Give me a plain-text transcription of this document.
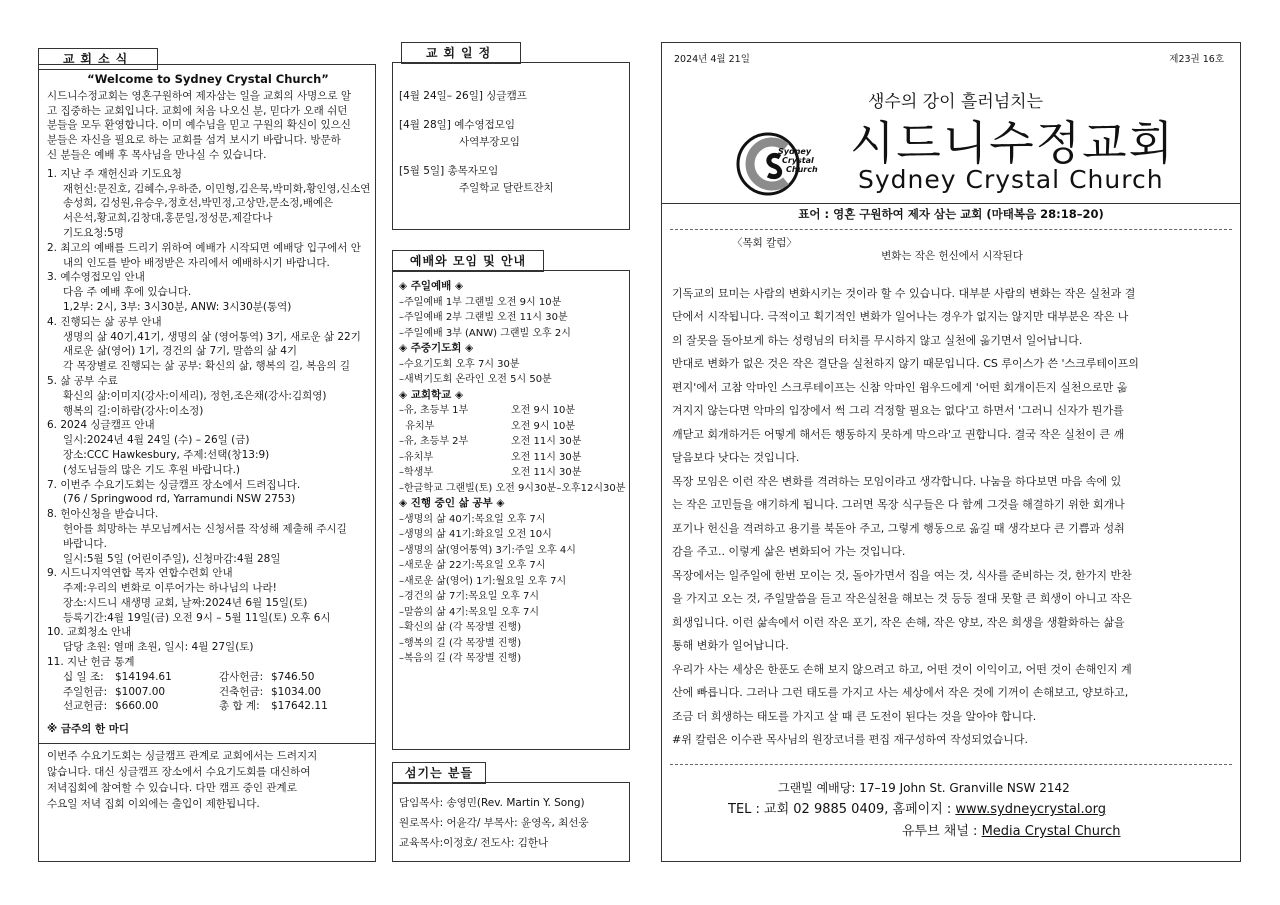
교회소식
“Welcome to Sydney Crystal Church”
시드니수정교회는 영혼구원하여 제자삼는 일을 교회의 사명으로 알
고 집중하는 교회입니다. 교회에 처음 나오신 분, 믿다가 오래 쉬던
분들을 모두 환영합니다. 이미 예수님을 믿고 구원의 확신이 있으신
분들은 자신을 필요로 하는 교회를 섬겨 보시기 바랍니다. 방문하
신 분들은 예배 후 목사님을 만나실 수 있습니다.
1. 지난 주 재헌신과 기도요청
재헌신:문진호, 김혜수,우하준, 이민형,김은묵,박미화,황인영,신소연
송성희, 김성원,유승우,정호선,박민정,고상만,문소정,배예은
서은석,황교희,김창대,홍문일,정성문,제갈다나
기도요청:5명
2. 최고의 예배를 드리기 위하여 예배가 시작되면 예배당 입구에서 안
내의 인도를 받아 배정받은 자리에서 예배하시기 바랍니다.
3. 예수영접모임 안내
다음 주 예배 후에 있습니다.
1,2부: 2시, 3부: 3시30분, ANW: 3시30분(통역)
4. 진행되는 삶 공부 안내
생명의 삶 40기,41기, 생명의 삶 (영어통역) 3기, 새로운 삶 22기
새로운 삶(영어) 1기, 경건의 삶 7기, 말씀의 삶 4기
각 목장별로 진행되는 삶 공부: 확신의 삶, 행복의 길, 복음의 길
5. 삶 공부 수료
확신의 삶:이미지(강사:이세리), 정헌,조은채(강사:김희영)
행복의 길:이하람(강사:이소정)
6. 2024 싱글캠프 안내
일시:2024년 4월 24일 (수) – 26일 (금)
장소:CCC Hawkesbury, 주제:선택(창13:9)
(성도님들의 많은 기도 후원 바랍니다.)
7. 이번주 수요기도회는 싱글캠프 장소에서 드려집니다.
(76 / Springwood rd, Yarramundi NSW 2753)
8. 헌아신청을 받습니다.
헌아를 희망하는 부모님께서는 신청서를 작성해 제출해 주시길
바랍니다.
일시:5월 5일 (어린이주일), 신청마감:4월 28일
9. 시드니지역연합 목자 연합수련회 안내
주제:우리의 변화로 이루어가는 하나님의 나라!
장소:시드니 새생명 교회, 날짜:2024년 6월 15일(토)
등록기간:4월 19일(금) 오전 9시 – 5월 11일(토) 오후 6시
10. 교회청소 안내
담당 초원: 열매 초원, 일시: 4월 27일(토)
11. 지난 헌금 통계
십 일 조:	$14194.61	감사헌금: $746.50
주일헌금: $1007.00	건축헌금: $1034.00
선교헌금: $660.00	총 합 계:	$17642.11
※ 금주의 한 마디
이번주 수요기도회는 싱글캠프 관계로 교회에서는 드려지지
않습니다. 대신 싱글캠프 장소에서 수요기도회를 대신하여
저녁집회에 참여할 수 있습니다. 다만 캠프 중인 관계로
수요일 저녁 집회 이외에는 출입이 제한됩니다.
교회일정
[4월 24일– 26일] 싱글캠프
[4월 28일] 예수영접모임
사역부장모임
[5월 5일] 총목자모임
주일학교 달란트잔치
예배와 모임 및 안내
◈ 주일예배 ◈
–주일예배 1부 그랜빌 오전 9시 10분
–주일예배 2부 그랜빌 오전 11시 30분
–주일예배 3부 (ANW) 그랜빌 오후 2시
◈ 주중기도회 ◈
–수요기도회 오후 7시 30분
–새벽기도회 온라인 오전 5시 50분
◈ 교회학교 ◈
–유, 초등부 1부	오전 9시 10분
유치부	오전 9시 10분
–유, 초등부 2부	오전 11시 30분
–유치부	오전 11시 30분
–학생부	오전 11시 30분
–한글학교 그랜빌(토) 오전 9시30분–오후12시30분
◈ 진행 중인 삶 공부 ◈
–생명의 삶 40기:목요일 오후 7시
–생명의 삶 41기:화요일 오전 10시
–생명의 삶(영어통역) 3기:주일 오후 4시
–새로운 삶 22기:목요일 오후 7시
–새로운 삶(영어) 1기:월요일 오후 7시
–경건의 삶 7기:목요일 오후 7시
–말씀의 삶 4기:목요일 오후 7시
–확신의 삶 (각 목장별 진행)
–행복의 길 (각 목장별 진행)
–복음의 길 (각 목장별 진행)
섬기는 분들
담임목사: 송영민(Rev. Martin Y. Song)
원로목사: 어윤각/ 부목사: 윤영옥, 최선웅
교육목사:이정호/ 전도사: 김한나
2024년 4월 21일	제23권 16호
생수의 강이 흘러넘치는
Sydney
Crystal
Church 시드니수정교회
Sydney Crystal Church
표어 : 영혼 구원하여 제자 삼는 교회 (마태복음 28:18–20)
〈목회 칼럼〉
변화는 작은 헌신에서 시작된다
기독교의 묘미는 사람의 변화시키는 것이라 할 수 있습니다. 대부분 사람의 변화는 작은 실천과 결
단에서 시작됩니다. 극적이고 획기적인 변화가 일어나는 경우가 없지는 않지만 대부분은 작은 나
의 잘못을 돌아보게 하는 성령님의 터치를 무시하지 않고 실천에 옮기면서 일어납니다.
반대로 변화가 없은 것은 작은 결단을 실천하지 않기 때문입니다. CS 루이스가 쓴 '스크루테이프의
편지'에서 고참 악마인 스크루테이프는 신참 악마인 윔우드에게 '어떤 회개이든지 실천으로만 옮
겨지지 않는다면 악마의 입장에서 썩 그리 걱정할 필요는 없다'고 하면서 '그러니 신자가 뭔가를
깨닫고 회개하거든 어떻게 해서든 행동하지 못하게 막으라'고 권합니다. 결국 작은 실천이 큰 깨
달음보다 낫다는 것입니다.
목장 모임은 이런 작은 변화를 격려하는 모임이라고 생각합니다. 나눔을 하다보면 마음 속에 있
는 작은 고민들을 얘기하게 됩니다. 그러면 목장 식구들은 다 함께 그것을 해결하기 위한 회개나
포기나 헌신을 격려하고 용기를 북돋아 주고, 그렇게 행동으로 옮길 때 생각보다 큰 기쁨과 성취
감을 주고.. 이렇게 삶은 변화되어 가는 것입니다.
목장에서는 일주일에 한번 모이는 것, 돌아가면서 집을 여는 것, 식사를 준비하는 것, 한가지 반찬
을 가지고 오는 것, 주일말씀을 듣고 작은실천을 해보는 것 등등 절대 못할 큰 희생이 아니고 작은
희생입니다. 이런 삶속에서 이런 작은 포기, 작은 손해, 작은 양보, 작은 희생을 생활화하는 삶을
통해 변화가 일어납니다.
우리가 사는 세상은 한푼도 손해 보지 않으려고 하고, 어떤 것이 이익이고, 어떤 것이 손해인지 계
산에 빠릅니다. 그러나 그런 태도를 가지고 사는 세상에서 작은 것에 기꺼이 손해보고, 양보하고,
조금 더 희생하는 태도를 가지고 살 때 큰 도전이 된다는 것을 알아야 합니다.
#위 칼럼은 이수관 목사님의 원장코너를 편집 재구성하여 작성되었습니다.
그랜빌 예배당: 17–19 John St. Granville NSW 2142
TEL : 교회 02 9885 0409, 홈페이지 : www.sydneycrystal.org
유투브 채널 : Media Crystal Church
